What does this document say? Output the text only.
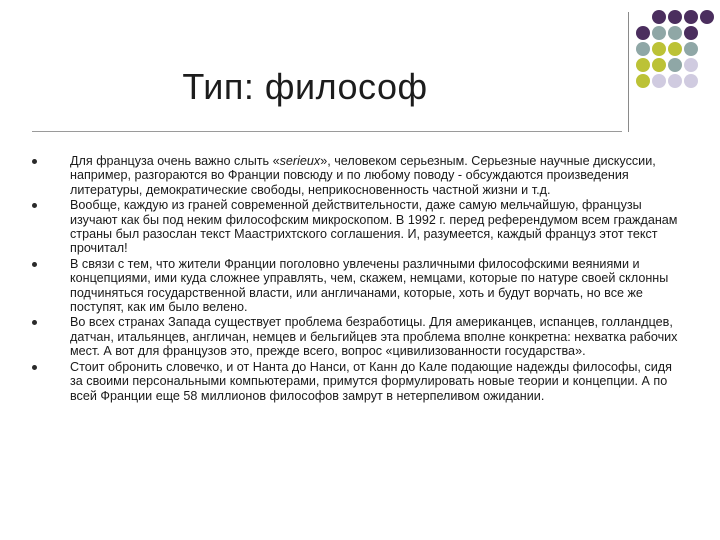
Тип: философ
Для француза очень важно слыть «serieux», человеком серьезным. Серьезные научные дискуссии, например, разгораются во Франции повсюду и по любому поводу - обсуждаются произведения литературы, демократические свободы, неприкосновенность частной жизни и т.д.
Вообще, каждую из граней современной действительности, даже самую мельчайшую, французы изучают как бы под неким философским микроскопом. В 1992 г. перед референдумом всем гражданам страны был разослан текст Маастрихтского соглашения. И, разумеется, каждый француз этот текст прочитал!
В связи с тем, что жители Франции поголовно увлечены различными философскими веяниями и концепциями, ими куда сложнее управлять, чем, скажем, немцами, которые по натуре своей склонны подчиняться государственной власти, или англичанами, которые, хоть и будут ворчать, но все же поступят, как им было велено.
Во всех странах Запада существует проблема безработицы. Для американцев, испанцев, голландцев, датчан, итальянцев, англичан, немцев и бельгийцев эта проблема вполне конкретна: нехватка рабочих мест. А вот для французов это, прежде всего, вопрос «цивилизованности государства».
Стоит обронить словечко, и от Нанта до Нанси, от Канн до Кале подающие надежды философы, сидя за своими персональными компьютерами, примутся формулировать новые теории и концепции. А по всей Франции еще 58 миллионов философов замрут в нетерпеливом ожидании.
